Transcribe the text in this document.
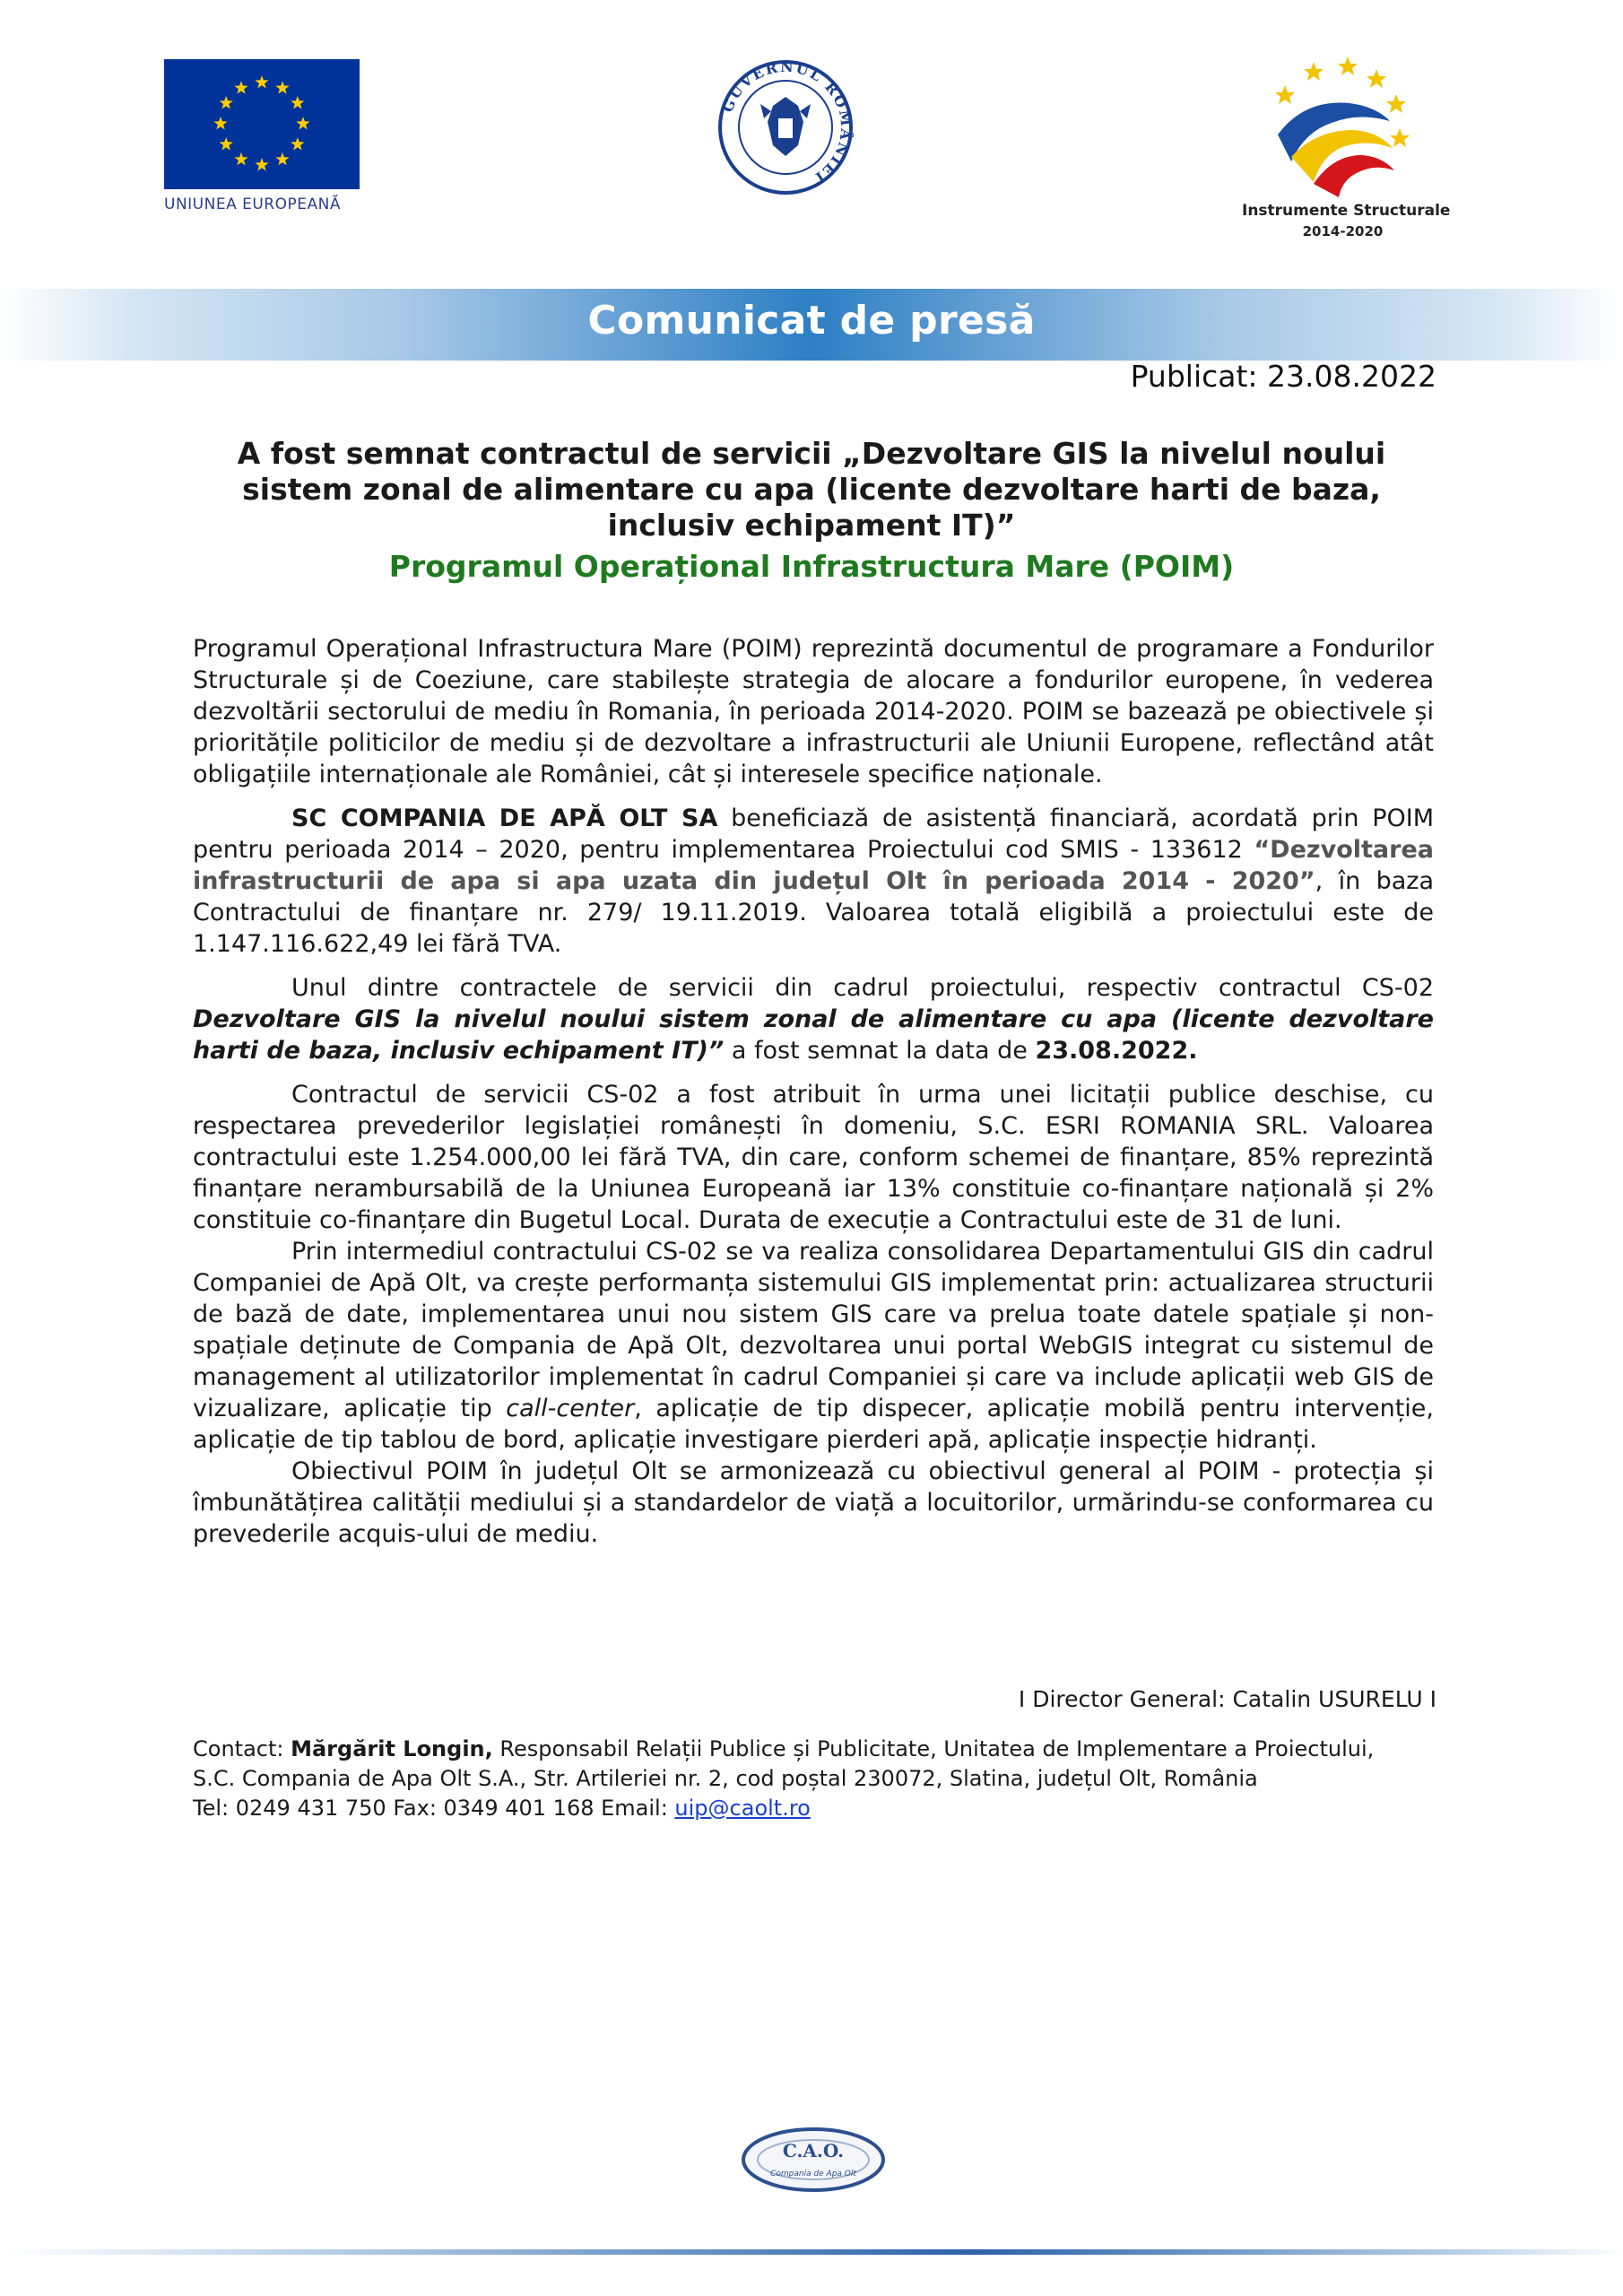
UNIUNEA EUROPEANĂ
GUVERNUL ROMÂNIEI
Instrumente Structurale
2014-2020
Comunicat de presă
Publicat: 23.08.2022
A fost semnat contractul de servicii „Dezvoltare GIS la nivelul noului sistem zonal de alimentare cu apa (licente dezvoltare harti de baza, inclusiv echipament IT)”
Programul Operațional Infrastructura Mare (POIM)

Programul Operațional Infrastructura Mare (POIM) reprezintă documentul de programare a Fondurilor Structurale și de Coeziune, care stabilește strategia de alocare a fondurilor europene, în vederea dezvoltării sectorului de mediu în Romania, în perioada 2014-2020. POIM se bazează pe obiectivele și prioritățile politicilor de mediu și de dezvoltare a infrastructurii ale Uniunii Europene, reflectând atât obligațiile internaționale ale României, cât și interesele specifice naționale.

SC COMPANIA DE APĂ OLT SA beneficiază de asistență financiară, acordată prin POIM pentru perioada 2014 – 2020, pentru implementarea Proiectului cod SMIS - 133612 “Dezvoltarea infrastructurii de apa si apa uzata din județul Olt în perioada 2014 - 2020”, în baza Contractului de finanțare nr. 279/ 19.11.2019. Valoarea totală eligibilă a proiectului este de 1.147.116.622,49 lei fără TVA.

Unul dintre contractele de servicii din cadrul proiectului, respectiv contractul CS-02 Dezvoltare GIS la nivelul noului sistem zonal de alimentare cu apa (licente dezvoltare harti de baza, inclusiv echipament IT)” a fost semnat la data de 23.08.2022.

Contractul de servicii CS-02 a fost atribuit în urma unei licitații publice deschise, cu respectarea prevederilor legislației românești în domeniu, S.C. ESRI ROMANIA SRL. Valoarea contractului este 1.254.000,00 lei fără TVA, din care, conform schemei de finanțare, 85% reprezintă finanțare nerambursabilă de la Uniunea Europeană iar 13% constituie co-finanțare națională și 2% constituie co-finanțare din Bugetul Local. Durata de execuție a Contractului este de 31 de luni.

Prin intermediul contractului CS-02 se va realiza consolidarea Departamentului GIS din cadrul Companiei de Apă Olt, va crește performanța sistemului GIS implementat prin: actualizarea structurii de bază de date, implementarea unui nou sistem GIS care va prelua toate datele spațiale și non-spațiale deținute de Compania de Apă Olt, dezvoltarea unui portal WebGIS integrat cu sistemul de management al utilizatorilor implementat în cadrul Companiei și care va include aplicații web GIS de vizualizare, aplicație tip call-center, aplicație de tip dispecer, aplicație mobilă pentru intervenție, aplicație de tip tablou de bord, aplicație investigare pierderi apă, aplicație inspecție hidranți.

Obiectivul POIM în județul Olt se armonizează cu obiectivul general al POIM - protecția și îmbunătățirea calității mediului și a standardelor de viață a locuitorilor, urmărindu-se conformarea cu prevederile acquis-ului de mediu.

I Director General: Catalin USURELU I
Contact: Mărgărit Longin, Responsabil Relații Publice și Publicitate, Unitatea de Implementare a Proiectului,
S.C. Compania de Apa Olt S.A., Str. Artileriei nr. 2, cod poștal 230072, Slatina, județul Olt, România
Tel: 0249 431 750 Fax: 0349 401 168 Email: uip@caolt.ro
C.A.O.
Compania de Apa Olt
